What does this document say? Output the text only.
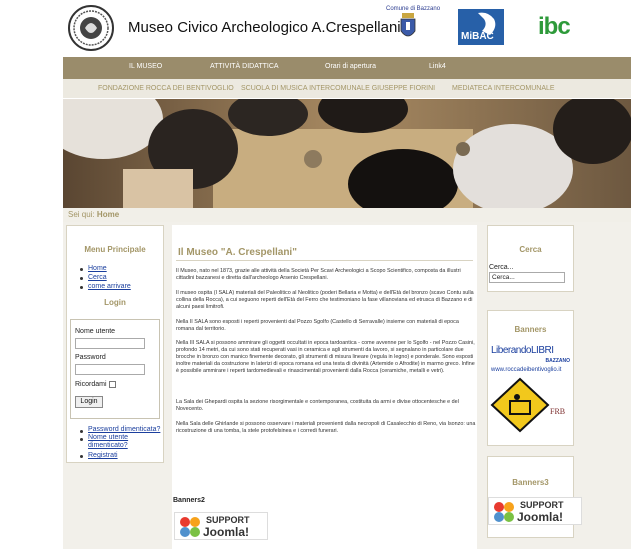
Museo Civico Archeologico A.Crespellani
Comune di Bazzano
MiBAC ibc
IL MUSEO	ATTIVITÀ DIDATTICA	Orari di apertura	Link4
FONDAZIONE ROCCA DEI BENTIVOGLIO SCUOLA DI MUSICA INTERCOMUNALE GIUSEPPE FIORINI MEDIATECA INTERCOMUNALE
Sei qui: Home
Menu Principale
Home
Cerca
come arrivare
Login
Nome utente
Password
Ricordami
Login
Password dimenticata?
Nome utente dimenticato?
Registrati
Il Museo "A. Crespellani"

Il Museo, nato nel 1873, grazie alle attività della Società Per Scavi Archeologici a Scopo Scientifico, composta da illustri cittadini bazzanesi e diretta dall'archeologo Arsenio Crespellani.

Il museo ospita (I SALA) materiali del Paleolitico al Neolitico (poderi Bellaria e Motta) e dell'Età del bronzo (scavo Contu sulla collina della Rocca), a cui seguono reperti dell'Età del Ferro che testimoniano la fase villanoviana ed etrusca di Bazzano e di alcuni paesi limitrofi.

Nella II SALA sono esposti i reperti provenienti dal Pozzo Sgolfo (Castello di Serravalle) insieme con materiali di epoca romana dal territorio.

Nella III SALA si possono ammirare gli oggetti occultati in epoca tardoantica - come avvenne per lo Sgolfo - nel Pozzo Casini, profondo 14 metri, da cui sono stati recuperati vasi in ceramica e agli strumenti da lavoro, si segnalano in particolare due brocche in bronzo con manico finemente decorato, gli strumenti di misura lineare (regula in legno) e ponderale. Sono esposti inoltre materiali da costruzione in laterizi di epoca romana ed una testa di divinità (Artemide o Afrodite) in marmo greco. Infine è possibile ammirare i reperti tardomedievali e rinascimentali provenienti dalla Rocca (ceramiche, metalli e vetri).

La Sala dei Ghepardi ospita la sezione risorgimentale e contemporanea, costituita da armi e divise ottocentesche e del Novecento.

Nella Sala delle Ghirlande si possono osservare i materiali provenienti dalla necropoli di Casalecchio di Reno, via Isonzo: una ricostruzione di una tomba, la stele protofelsinea e i corredi funerari.

Banners2
SUPPORT
Joomla!
Cerca
Cerca...
Cerca...
Banners
LiberandoLIBRI
BAZZANO
www.roccadeibentivoglio.it
FRB
Banners3
SUPPORT
Joomla!
